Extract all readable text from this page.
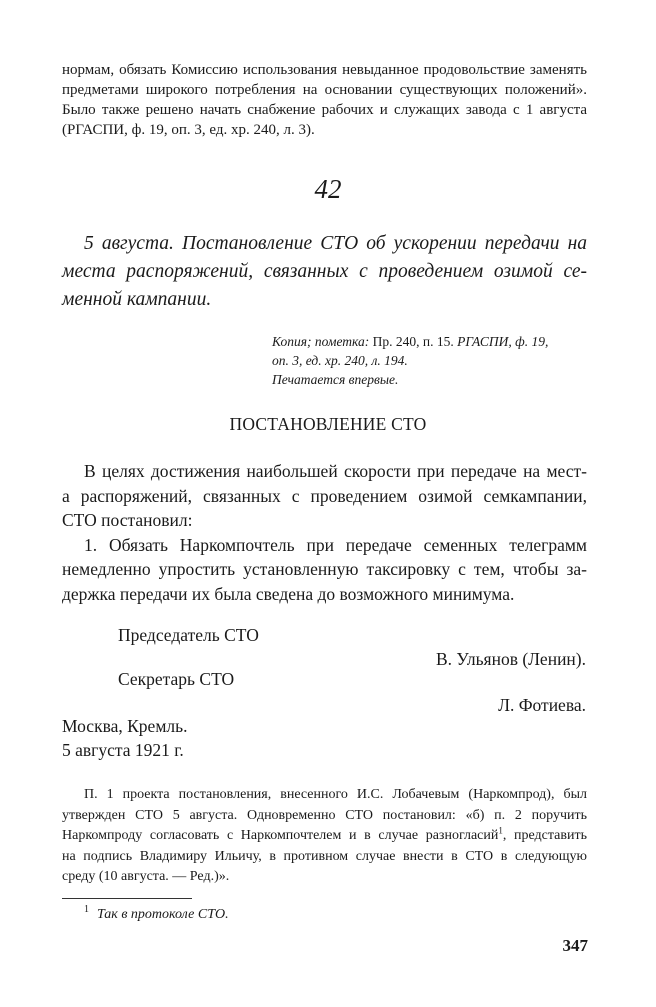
нормам, обязать Комиссию использования невыданное продовольствие заменять
предметами широкого потребления на основании существующих положений».
Было также решено начать снабжение рабочих и служащих завода с 1 августа
(РГАСПИ, ф. 19, оп. 3, ед. хр. 240, л. 3).
42
5 августа. Постановление СТО об ускорении передачи на
места распоряжений, связанных с проведением озимой се-
менной кампании.
Копия; пометка: Пр. 240, п. 15. РГАСПИ, ф. 19,
оп. 3, ед. хр. 240, л. 194.
Печатается впервые.
ПОСТАНОВЛЕНИЕ СТО
В целях достижения наибольшей скорости при передаче на мест-
а распоряжений, связанных с проведением озимой семкампании,
СТО постановил:
1. Обязать Наркомпочтель при передаче семенных телеграмм
немедленно упростить установленную таксировку с тем, чтобы за-
держка передачи их была сведена до возможного минимума.
Председатель СТО
В. Ульянов (Ленин).
Секретарь СТО
Л. Фотиева.
Москва, Кремль.
5 августа 1921 г.
П. 1 проекта постановления, внесенного И.С. Лобачевым (Наркомпрод), был
утвержден СТО 5 августа. Одновременно СТО постановил: «б) п. 2 поручить
Наркомпроду согласовать с Наркомпочтелем и в случае разногласий$^1$, представить
на подпись Владимиру Ильичу, в противном случае внести в СТО в следующую
среду (10 августа. — Ред.)».
$^1$ Так в протоколе СТО.
347
